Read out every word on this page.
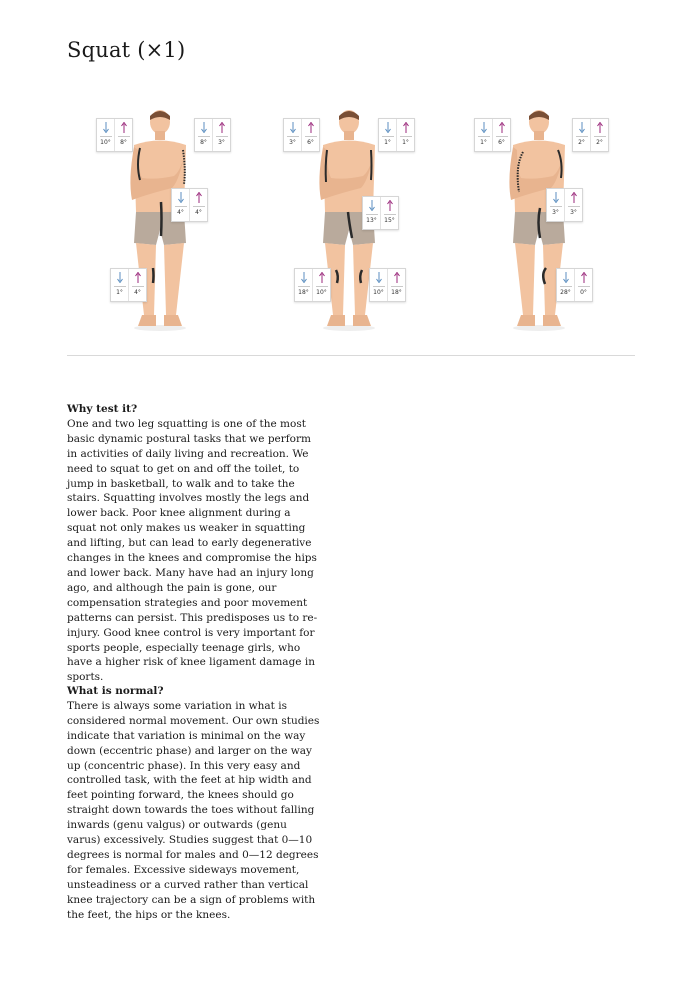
Squat (×1)
10° 8°	8° 3°
4° 4°
1° 4°
3° 6°	1° 1°
13° 15°
18° 10°	10° 18°
1° 6°	2° 2°
3° 3°
28° 0°
Why test it?

One and two leg squatting is one of the most basic dynamic postural tasks that we perform in activities of daily living and recreation. We need to squat to get on and off the toilet, to jump in basketball, to walk and to take the stairs. Squatting involves mostly the legs and lower back. Poor knee alignment during a squat not only makes us weaker in squatting and lifting, but can lead to early degenerative changes in the knees and compromise the hips and lower back. Many have had an injury long ago, and although the pain is gone, our compensation strategies and poor movement patterns can persist. This predisposes us to re-injury. Good knee control is very important for sports people, especially teenage girls, who have a higher risk of knee ligament damage in sports.

What is normal?

There is always some variation in what is considered normal movement. Our own studies indicate that variation is minimal on the way down (eccentric phase) and larger on the way up (concentric phase). In this very easy and controlled task, with the feet at hip width and feet pointing forward, the knees should go straight down towards the toes without falling inwards (genu valgus) or outwards (genu varus) excessively. Studies suggest that 0—10 degrees is normal for males and 0—12 degrees for females. Excessive sideways movement, unsteadiness or a curved rather than vertical knee trajectory can be a sign of problems with the feet, the hips or the knees.
